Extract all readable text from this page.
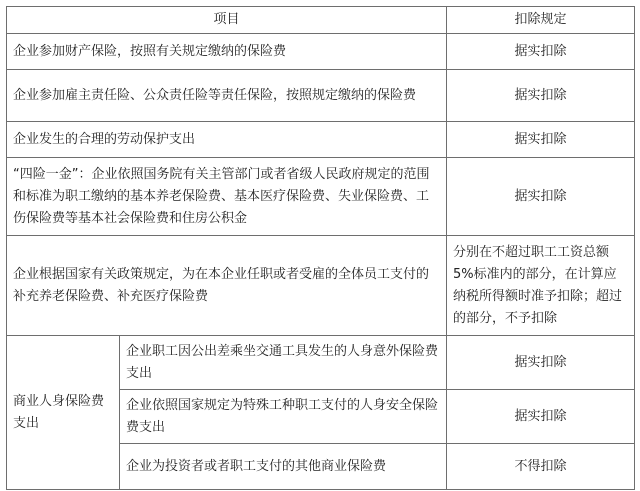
项目		扣除规定
企业参加财产保险，按照有关规定缴纳的保险费		据实扣除
企业参加雇主责任险、公众责任险等责任保险，按照规定缴纳的保险费		据实扣除
企业发生的合理的劳动保护支出		据实扣除
“四险一金”：企业依照国务院有关主管部门或者省级人民政府规定的范围和标准为职工缴纳的基本养老保险费、基本医疗保险费、失业保险费、工伤保险费等基本社会保险费和住房公积金		据实扣除
企业根据国家有关政策规定，为在本企业任职或者受雇的全体员工支付的补充养老保险费、补充医疗保险费		分别在不超过职工工资总额5%标准内的部分，在计算应纳税所得额时准予扣除；超过的部分，不予扣除
商业人身保险费支出	企业职工因公出差乘坐交通工具发生的人身意外保险费支出	据实扣除
	企业依照国家规定为特殊工种职工支付的人身安全保险费支出	据实扣除
	企业为投资者或者职工支付的其他商业保险费	不得扣除
